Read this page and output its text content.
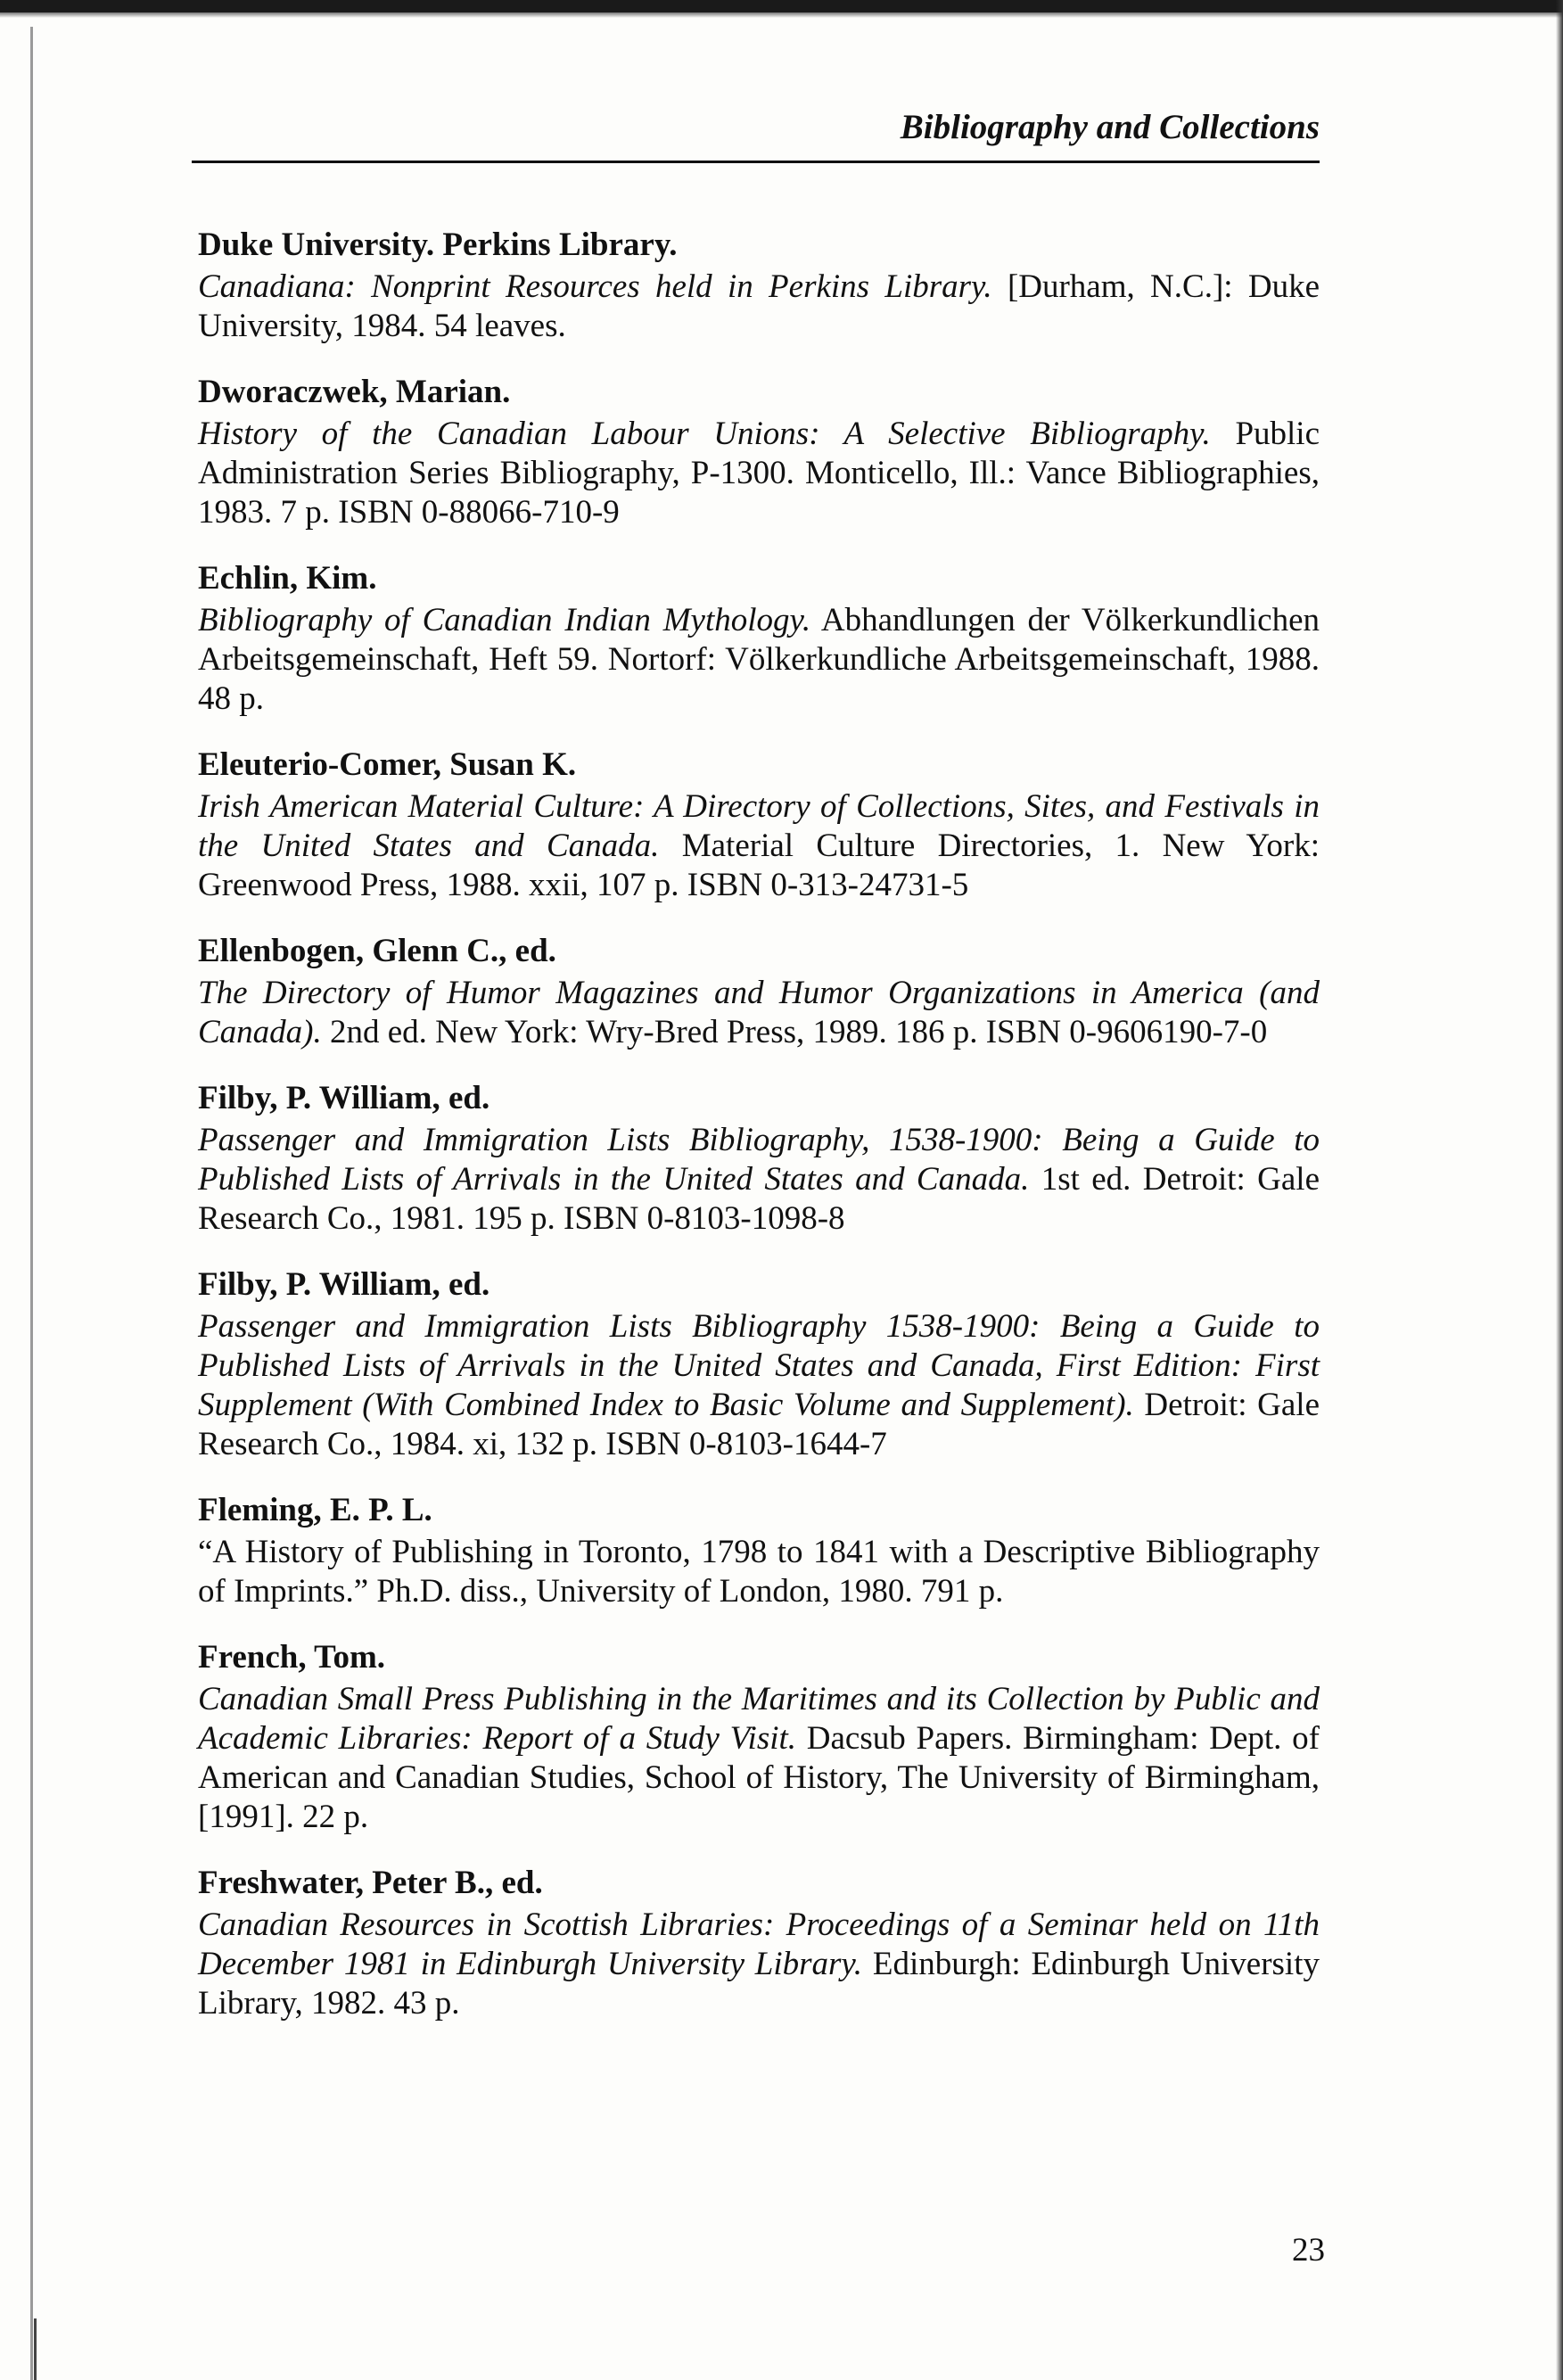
Bibliography and Collections
Duke University. Perkins Library.
Canadiana: Nonprint Resources held in Perkins Library. [Durham, N.C.]: Duke University, 1984. 54 leaves.
Dworaczwek, Marian.
History of the Canadian Labour Unions: A Selective Bibliography. Public Administration Series Bibliography, P-1300. Monticello, Ill.: Vance Bibliographies, 1983. 7 p. ISBN 0-88066-710-9
Echlin, Kim.
Bibliography of Canadian Indian Mythology. Abhandlungen der Völkerkundlichen Arbeitsgemeinschaft, Heft 59. Nortorf: Völkerkundliche Arbeitsgemeinschaft, 1988. 48 p.
Eleuterio-Comer, Susan K.
Irish American Material Culture: A Directory of Collections, Sites, and Festivals in the United States and Canada. Material Culture Directories, 1. New York: Greenwood Press, 1988. xxii, 107 p. ISBN 0-313-24731-5
Ellenbogen, Glenn C., ed.
The Directory of Humor Magazines and Humor Organizations in America (and Canada). 2nd ed. New York: Wry-Bred Press, 1989. 186 p. ISBN 0-9606190-7-0
Filby, P. William, ed.
Passenger and Immigration Lists Bibliography, 1538-1900: Being a Guide to Published Lists of Arrivals in the United States and Canada. 1st ed. Detroit: Gale Research Co., 1981. 195 p. ISBN 0-8103-1098-8
Filby, P. William, ed.
Passenger and Immigration Lists Bibliography 1538-1900: Being a Guide to Published Lists of Arrivals in the United States and Canada, First Edition: First Supplement (With Combined Index to Basic Volume and Supplement). Detroit: Gale Research Co., 1984. xi, 132 p. ISBN 0-8103-1644-7
Fleming, E. P. L.
“A History of Publishing in Toronto, 1798 to 1841 with a Descriptive Bibliography of Imprints.” Ph.D. diss., University of London, 1980. 791 p.
French, Tom.
Canadian Small Press Publishing in the Maritimes and its Collection by Public and Academic Libraries: Report of a Study Visit. Dacsub Papers. Birmingham: Dept. of American and Canadian Studies, School of History, The University of Birmingham, [1991]. 22 p.
Freshwater, Peter B., ed.
Canadian Resources in Scottish Libraries: Proceedings of a Seminar held on 11th December 1981 in Edinburgh University Library. Edinburgh: Edinburgh University Library, 1982. 43 p.
23
